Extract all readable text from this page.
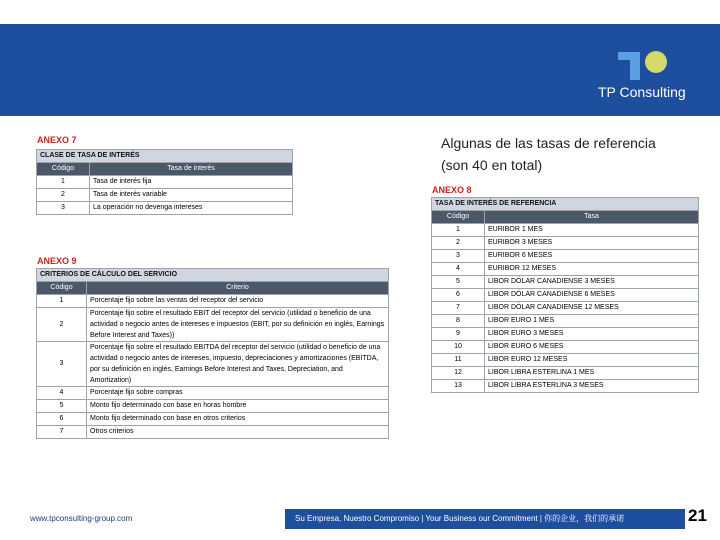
TP Consulting
ANEXO 7
CLASE DE TASA DE INTERÉS	
Código	Tasa de interés
1	Tasa de interés fija
2	Tasa de interés variable
3	La operación no devenga intereses
ANEXO 9
CRITERIOS DE CÁLCULO DEL SERVICIO	
Código	Criterio
1	Porcentaje fijo sobre las ventas del receptor del servicio
2	Porcentaje fijo sobre el resultado EBIT del receptor del servicio (utilidad o beneficio de una actividad o negocio antes de intereses e impuestos (EBIT, por su definición en inglés, Earnings Before Interest and Taxes))
3	Porcentaje fijo sobre el resultado EBITDA del receptor del servicio (utilidad o beneficio de una actividad o negocio antes de intereses, impuesto, depreciaciones y amortizaciones (EBITDA, por su definición en inglés, Earnings Before Interest and Taxes, Depreciation, and Amortization)
4	Porcentaje fijo sobre compras
5	Monto fijo determinado con base en horas hombre
6	Monto fijo determinado con base en otros criterios
7	Otros criterios
Algunas de las tasas de referencia
(son 40 en total)
ANEXO 8
TASA DE INTERÉS DE REFERENCIA	
Código	Tasa
1	EURIBOR 1 MES
2	EURIBOR 3 MESES
3	EURIBOR 6 MESES
4	EURIBOR 12 MESES
5	LIBOR DÓLAR CANADIENSE 3 MESES
6	LIBOR DÓLAR CANADIENSE 6 MESES
7	LIBOR DÓLAR CANADIENSE 12 MESES
8	LIBOR EURO 1 MES
9	LIBOR EURO 3 MESES
10	LIBOR EURO 6 MESES
11	LIBOR EURO 12 MESES
12	LIBOR LIBRA ESTERLINA 1 MES
13	LIBOR LIBRA ESTERLINA 3 MESES
www.tpconsulting-group.com	Su Empresa, Nuestro Compromiso | Your Business our Commitment | 你的企业，我们的承诺	21
